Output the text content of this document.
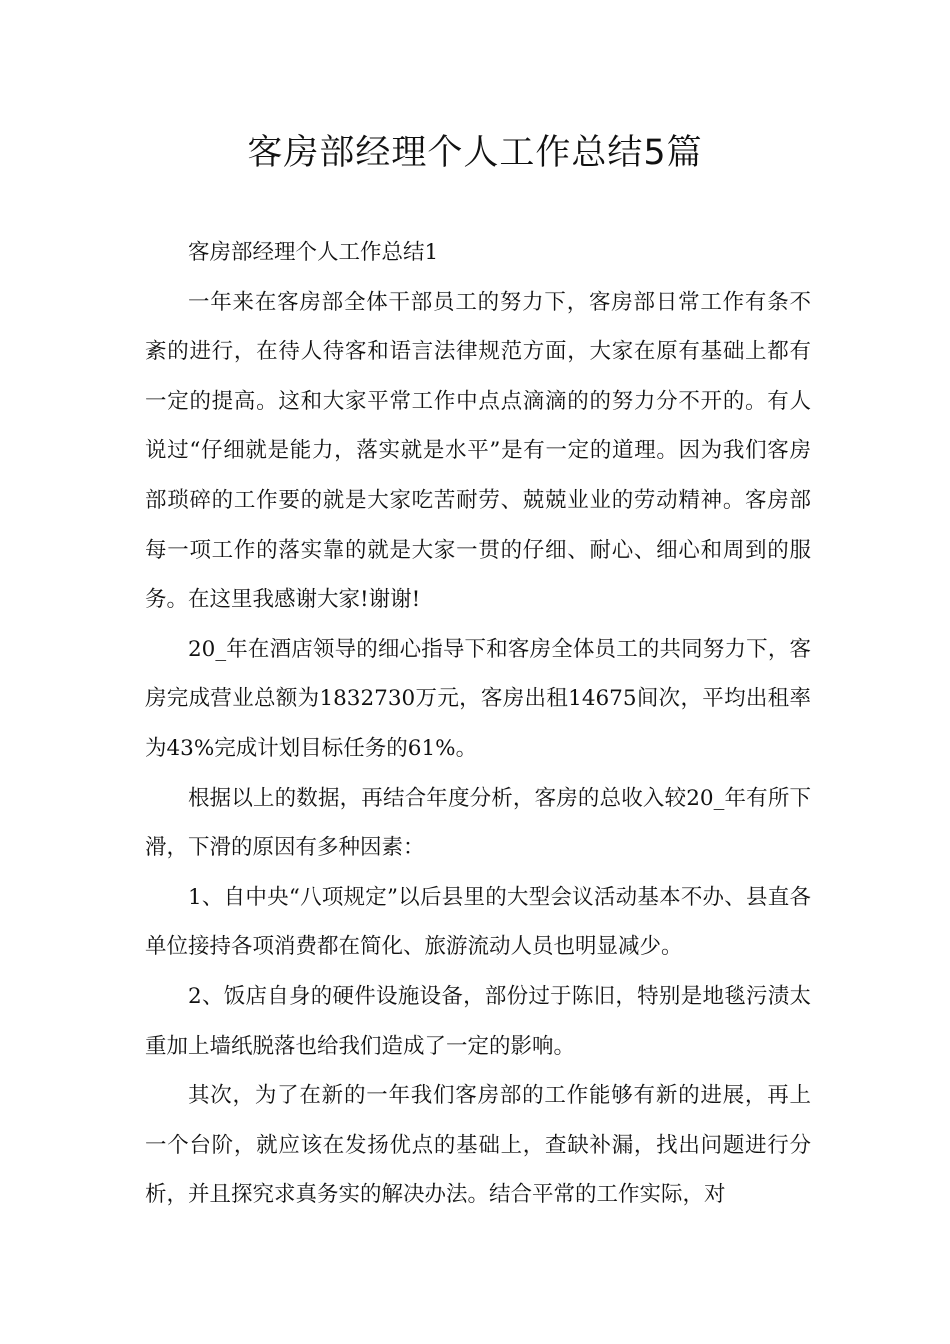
客房部经理个人工作总结5篇

客房部经理个人工作总结1

一年来在客房部全体干部员工的努力下，客房部日常工作有条不紊的进行，在待人待客和语言法律规范方面，大家在原有基础上都有一定的提高。这和大家平常工作中点点滴滴的的努力分不开的。有人说过“仔细就是能力，落实就是水平”是有一定的道理。因为我们客房部琐碎的工作要的就是大家吃苦耐劳、兢兢业业的劳动精神。客房部每一项工作的落实靠的就是大家一贯的仔细、耐心、细心和周到的服务。在这里我感谢大家!谢谢!

20_年在酒店领导的细心指导下和客房全体员工的共同努力下，客房完成营业总额为1832730万元，客房出租14675间次，平均出租率为43%完成计划目标任务的61%。

根据以上的数据，再结合年度分析，客房的总收入较20_年有所下滑，下滑的原因有多种因素：

1、自中央“八项规定”以后县里的大型会议活动基本不办、县直各单位接持各项消费都在简化、旅游流动人员也明显减少。

2、饭店自身的硬件设施设备，部份过于陈旧，特别是地毯污渍太重加上墙纸脱落也给我们造成了一定的影响。

其次，为了在新的一年我们客房部的工作能够有新的进展，再上一个台阶，就应该在发扬优点的基础上，查缺补漏，找出问题进行分析，并且探究求真务实的解决办法。结合平常的工作实际，对
